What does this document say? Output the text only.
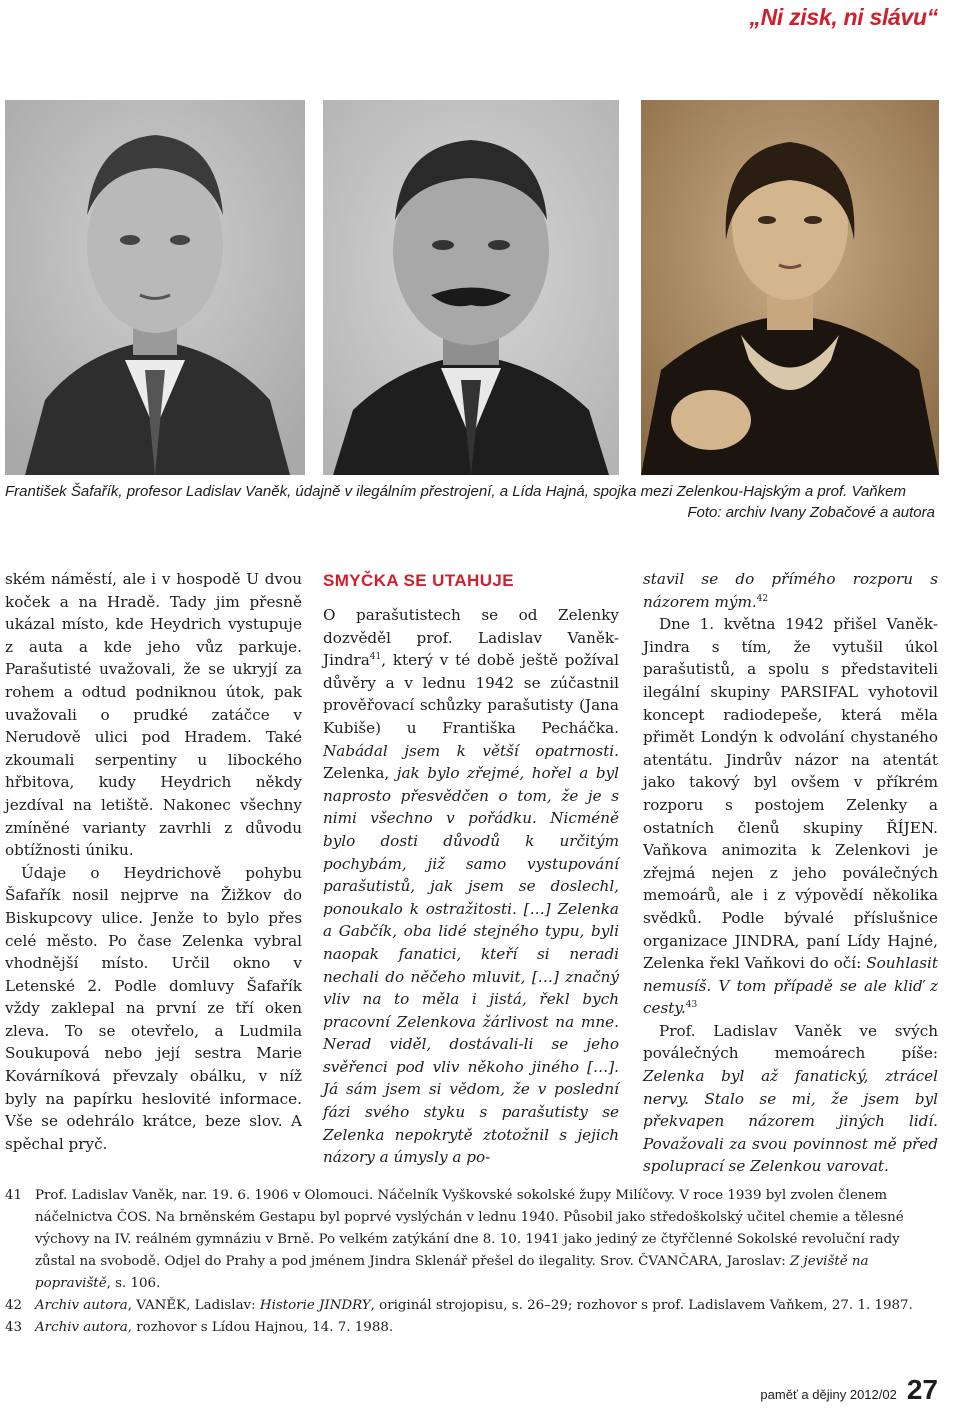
„Ni zisk, ni slávu“
František Šafařík, profesor Ladislav Vaněk, údajně v ilegálním přestrojení, a Lída Hajná, spojka mezi Zelenkou-Hajským a prof. Vaňkem
Foto: archiv Ivany Zobačové a autora

ském náměstí, ale i v hospodě U dvou koček a na Hradě. Tady jim přesně ukázal místo, kde Heydrich vystupuje z auta a kde jeho vůz parkuje. Parašutisté uvažovali, že se ukryjí za rohem a odtud podniknou útok, pak uvažovali o prudké zatáčce v Nerudově ulici pod Hradem. Také zkoumali serpentiny u libockého hřbitova, kudy Heydrich někdy jezdíval na letiště. Nakonec všechny zmíněné varianty zavrhli z důvodu obtížnosti úniku.

Údaje o Heydrichově pohybu Šafařík nosil nejprve na Žižkov do Biskupcovy ulice. Jenže to bylo přes celé město. Po čase Zelenka vybral vhodnější místo. Určil okno v Letenské 2. Podle domluvy Šafařík vždy zaklepal na první ze tří oken zleva. To se otevřelo, a Ludmila Soukupová nebo její sestra Marie Kovárníková převzaly obálku, v níž byly na papírku heslovité informace. Vše se odehrálo krátce, beze slov. A spěchal pryč.

SMYČKA SE UTAHUJE

O parašutistech se od Zelenky dozvěděl prof. Ladislav Vaněk-Jindra$^{41}$, který v té době ještě požíval důvěry a v lednu 1942 se zúčastnil prověřovací schůzky parašutisty (Jana Kubiše) u Františka Pecháčka. Nabádal jsem k větší opatrnosti. Zelenka, jak bylo zřejmé, hořel a byl naprosto přesvědčen o tom, že je s nimi všechno v pořádku. Nicméně bylo dosti důvodů k určitým pochybám, již samo vystupování parašutistů, jak jsem se doslechl, ponoukalo k ostražitosti. […] Zelenka a Gabčík, oba lidé stejného typu, byli naopak fanatici, kteří si neradi nechali do něčeho mluvit, […] značný vliv na to měla i jistá, řekl bych pracovní Zelenkova žárlivost na mne. Nerad viděl, dostávali-li se jeho svěřenci pod vliv někoho jiného […]. Já sám jsem si vědom, že v poslední fázi svého styku s parašutisty se Zelenka nepokrytě ztotožnil s jejich názory a úmysly a po-

stavil se do přímého rozporu s názorem mým.$^{42}$

Dne 1. května 1942 přišel Vaněk-Jindra s tím, že vytušil úkol parašutistů, a spolu s představiteli ilegální skupiny PARSIFAL vyhotovil koncept radiodepeše, která měla přimět Londýn k odvolání chystaného atentátu. Jindrův názor na atentát jako takový byl ovšem v příkrém rozporu s postojem Zelenky a ostatních členů skupiny ŘÍJEN. Vaňkova animozita k Zelenkovi je zřejmá nejen z jeho poválečných memoárů, ale i z výpovědí několika svědků. Podle bývalé příslušnice organizace JINDRA, paní Lídy Hajné, Zelenka řekl Vaňkovi do očí: Souhlasit nemusíš. V tom případě se ale kliď z cesty.$^{43}$

Prof. Ladislav Vaněk ve svých poválečných memoárech píše: Zelenka byl až fanatický, ztrácel nervy. Stalo se mi, že jsem byl překvapen názorem jiných lidí. Považovali za svou povinnost mě před spoluprací se Zelenkou varovat.

41 Prof. Ladislav Vaněk, nar. 19. 6. 1906 v Olomouci. Náčelník Vyškovské sokolské župy Milíčovy. V roce 1939 byl zvolen členem náčelnictva ČOS. Na brněnském Gestapu byl poprvé vyslýchán v lednu 1940. Působil jako středoškolský učitel chemie a tělesné výchovy na IV. reálném gymnáziu v Brně. Po velkém zatýkání dne 8. 10. 1941 jako jediný ze čtyřčlenné Sokolské revoluční rady zůstal na svobodě. Odjel do Prahy a pod jménem Jindra Sklenář přešel do ilegality. Srov. ČVANČARA, Jaroslav: Z jeviště na popraviště, s. 106.

42 Archiv autora, VANĚK, Ladislav: Historie JINDRY, originál strojopisu, s. 26–29; rozhovor s prof. Ladislavem Vaňkem, 27. 1. 1987.

43 Archiv autora, rozhovor s Lídou Hajnou, 14. 7. 1988.

paměť a dějiny 2012/02 27
